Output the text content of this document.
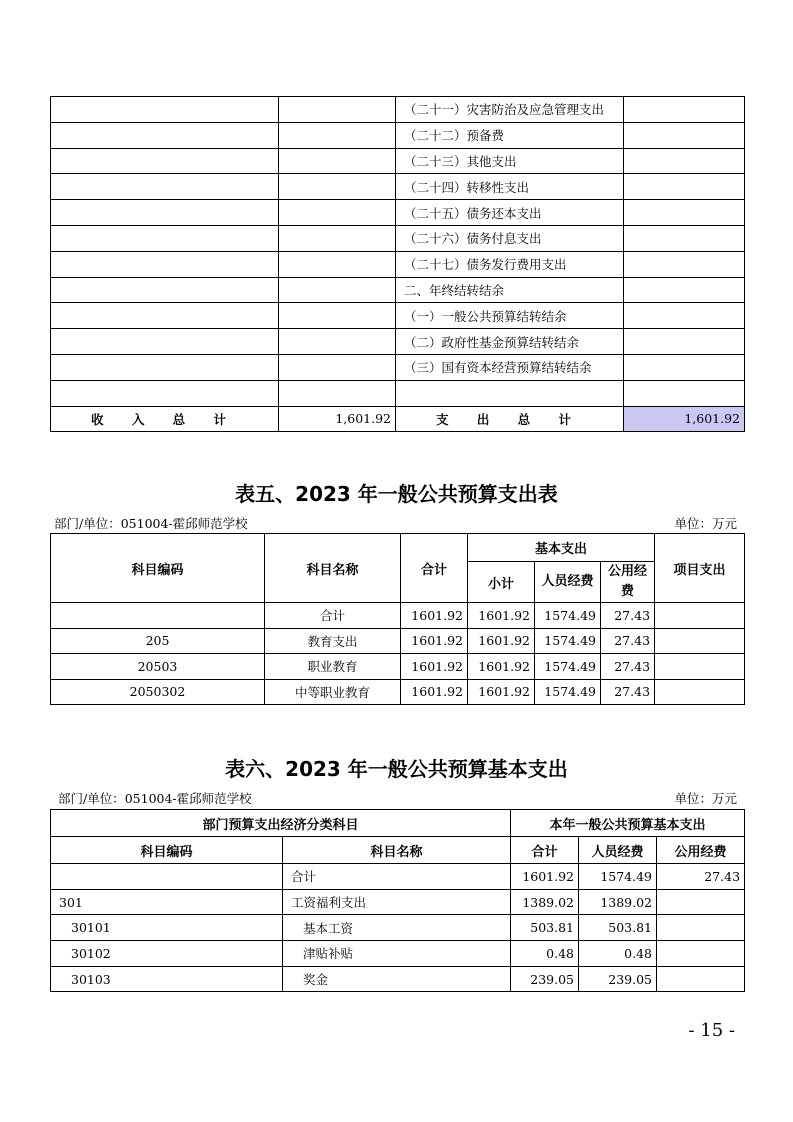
		（二十一）灾害防治及应急管理支出	
		（二十二）预备费	
		（二十三）其他支出	
		（二十四）转移性支出	
		（二十五）债务还本支出	
		（二十六）债务付息支出	
		（二十七）债务发行费用支出	
		二、年终结转结余	
		（一）一般公共预算结转结余	
		（二）政府性基金预算结转结余	
		（三）国有资本经营预算结转结余	

收 入 总 计	1,601.92	支 出 总 计	1,601.92
表五、2023 年一般公共预算支出表
部门/单位：051004-霍邱师范学校	单位：万元
科目编码	科目名称	合计	基本支出			项目支出
			小计	人员经费	公用经费	
	合计	1601.92	1601.92	1574.49	27.43	
205	教育支出	1601.92	1601.92	1574.49	27.43	
20503	职业教育	1601.92	1601.92	1574.49	27.43	
2050302	中等职业教育	1601.92	1601.92	1574.49	27.43	
表六、2023 年一般公共预算基本支出
部门/单位：051004-霍邱师范学校	单位：万元
部门预算支出经济分类科目		本年一般公共预算基本支出		
科目编码	科目名称	合计	人员经费	公用经费
	合计	1601.92	1574.49	27.43
301	工资福利支出	1389.02	1389.02	
30101	基本工资	503.81	503.81	
30102	津贴补贴	0.48	0.48	
30103	奖金	239.05	239.05	
- 15 -
